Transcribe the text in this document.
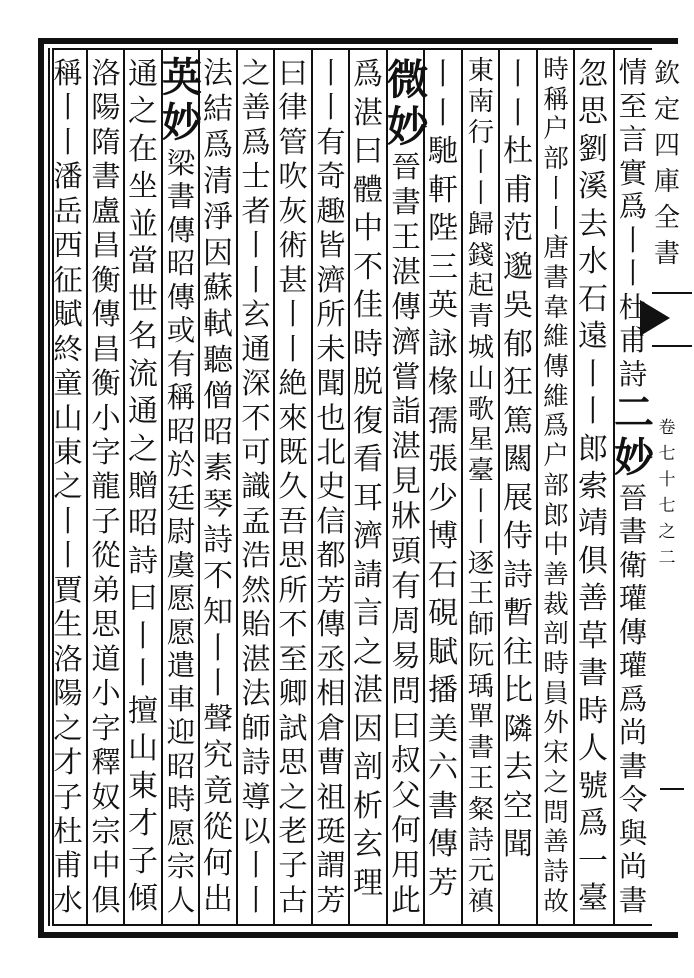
欽
定
四
庫
全
書
卷
七
十
七
之
二
情
至
言
實
爲
丨
丨
杜
甫
詩
二
妙
晉
書
衛
瓘
傳
瓘
爲
尚
書
令
與
尚
書
忽
思
劉
溪
去
水
石
遠
丨
丨
郎
索
靖
俱
善
草
書
時
人
號
爲
一
臺
時
稱
户
部
丨
丨
唐
書
韋
維
傳
維
爲
户
部
郎
中
善
裁
剖
時
員
外
宋
之
問
善
詩
故
丨
丨
杜
甫
范
邈
吳
郁
狂
篤
闗
展
侍
詩
暫
往
比
隣
去
空
聞
東
南
行
丨
丨
歸
錢
起
青
城
山
歌
星
臺
丨
丨
逐
王
師
阮
瑀
單
書
王
粲
詩
元
禛
丨
丨
馳
軒
陛
三
英
詠
椽
孺
張
少
博
石
硯
賦
播
美
六
書
傳
芳
微
妙
晉
書
王
湛
傳
濟
嘗
詣
湛
見
牀
頭
有
周
易
問
曰
叔
父
何
用
此
爲
湛
曰
體
中
不
佳
時
脱
復
看
耳
濟
請
言
之
湛
因
剖
析
玄
理
丨
丨
有
奇
趣
皆
濟
所
未
聞
也
北
史
信
都
芳
傳
丞
相
倉
曹
祖
珽
謂
芳
曰
律
管
吹
灰
術
甚
丨
丨
絶
來
既
久
吾
思
所
不
至
卿
試
思
之
老
子
古
之
善
爲
士
者
丨
丨
玄
通
深
不
可
識
孟
浩
然
貽
湛
法
師
詩
導
以
丨
丨
法
結
爲
清
淨
因
蘇
軾
聽
僧
昭
素
琴
詩
不
知
丨
丨
聲
究
竟
從
何
出
英
妙
梁
書
傳
昭
傳
或
有
稱
昭
於
廷
尉
虞
愿
愿
遣
車
迎
昭
時
愿
宗
人
通
之
在
坐
並
當
世
名
流
通
之
贈
昭
詩
曰
丨
丨
擅
山
東
才
子
傾
洛
陽
隋
書
盧
昌
衡
傳
昌
衡
小
字
龍
子
從
弟
思
道
小
字
釋
奴
宗
中
俱
稱
丨
丨
潘
岳
西
征
賦
終
童
山
東
之
丨
丨
賈
生
洛
陽
之
才
子
杜
甫
水
